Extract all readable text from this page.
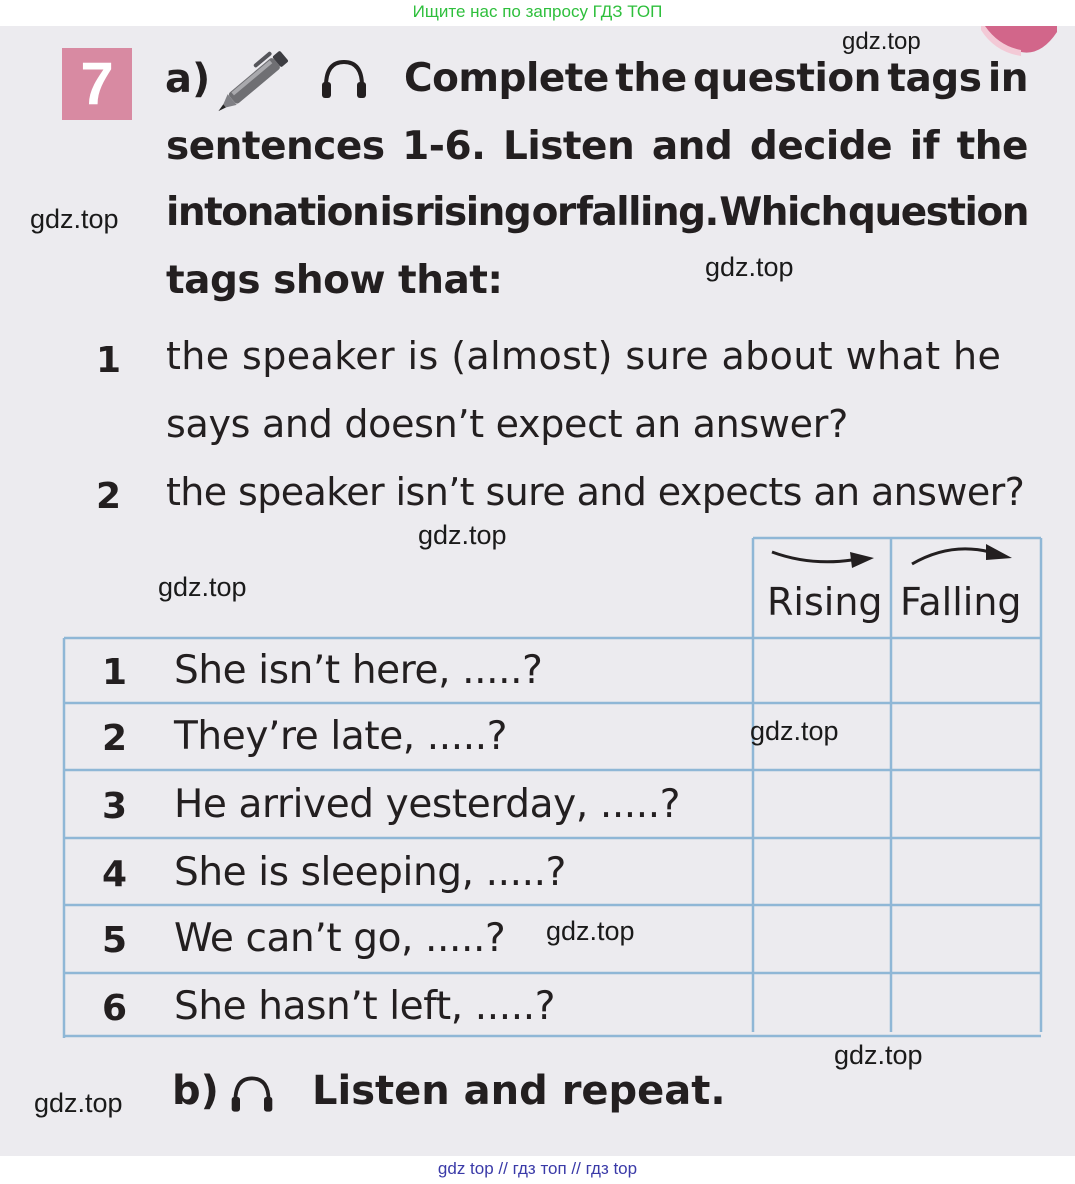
Ищите нас по запросу ГДЗ ТОП
7	a)	Complete the question tags in
sentences 1-6. Listen and decide if the
intonation is rising or falling. Which question
tags show that:
1 the speaker is (almost) sure about what he
says and doesn’t expect an answer?
2 the speaker isn’t sure and expects an answer?
Rising Falling
1 She isn’t here, .....?
2 They’re late, .....?
3 He arrived yesterday, .....?
4 She is sleeping, .....?
5 We can’t go, .....?
6 She hasn’t left, .....?
b) Listen and repeat.
gdz.top
gdz.top
gdz.top
gdz.top
gdz.top
gdz.top
gdz.top
gdz.top
gdz.top
gdz top // гдз топ // гдз top
